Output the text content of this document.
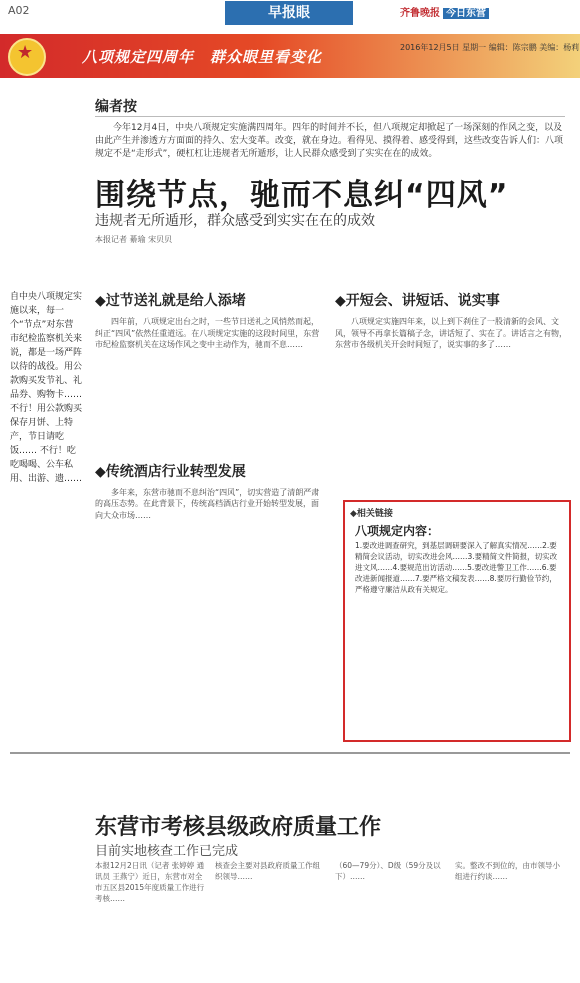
A02	早报眼	齐鲁晚报 今日东营
★	八项规定四周年　群众眼里看变化
2016年12月5日 星期一 编辑：陈宗鹏 美编：杨莉
编者按
今年12月4日，中央八项规定实施满四周年。四年的时间并不长，但八项规定却掀起了一场深刻的作风之变，以及由此产生并渗透方方面面的持久、宏大变革。改变，就在身边。看得见、摸得着、感受得到，这些改变告诉人们：八项规定不是“走形式”，硬杠杠让违规者无所遁形，让人民群众感受到了实实在在的成效。
围绕节点，驰而不息纠“四风”
违规者无所遁形，群众感受到实实在在的成效
本报记者 綦瑜 宋贝贝
自中央八项规定实施以来，每一个“节点”对东营市纪检监察机关来说，都是一场严阵以待的战役。用公款购买发节礼、礼品券、购物卡……不行！用公款购买保存月饼、上特产，节日请吃饭…… 不行！吃吃喝喝、公车私用、出游、遗……
◆过节送礼就是给人添堵
四年前，八项规定出台之时，一些节日送礼之风悄然而起，纠正“四风”依然任重道远。在八项规定实施的这段时间里，东营市纪检监察机关在这场作风之变中主动作为，驰而不息……
◆传统酒店行业转型发展
多年来，东营市驰而不息纠治“四风”，切实营造了清朗严肃的高压态势。在此背景下，传统高档酒店行业开始转型发展，面向大众市场……
◆开短会、讲短话、说实事
八项规定实施四年来，以上到下刹住了一股清新的会风、文风，领导不再拿长篇稿子念，讲话短了、实在了。讲话言之有物，东营市各级机关开会时间短了，说实事的多了……
◆相关链接
八项规定内容：
1.要改进调查研究，到基层调研要深入了解真实情况……2.要精简会议活动，切实改进会风……3.要精简文件简报，切实改进文风……4.要规范出访活动……5.要改进警卫工作……6.要改进新闻报道……7.要严格文稿发表……8.要厉行勤俭节约，严格遵守廉洁从政有关规定。
东营市考核县级政府质量工作
目前实地核查工作已完成
本报12月2日讯（记者 张婷婷 通讯员 王燕宁）近日，东营市对全市五区县2015年度质量工作进行考核……
核查会主要对县政府质量工作组织领导……
（60—79分）、D级（59分及以下）……
实。整改不到位的，由市领导小组进行约谈……
